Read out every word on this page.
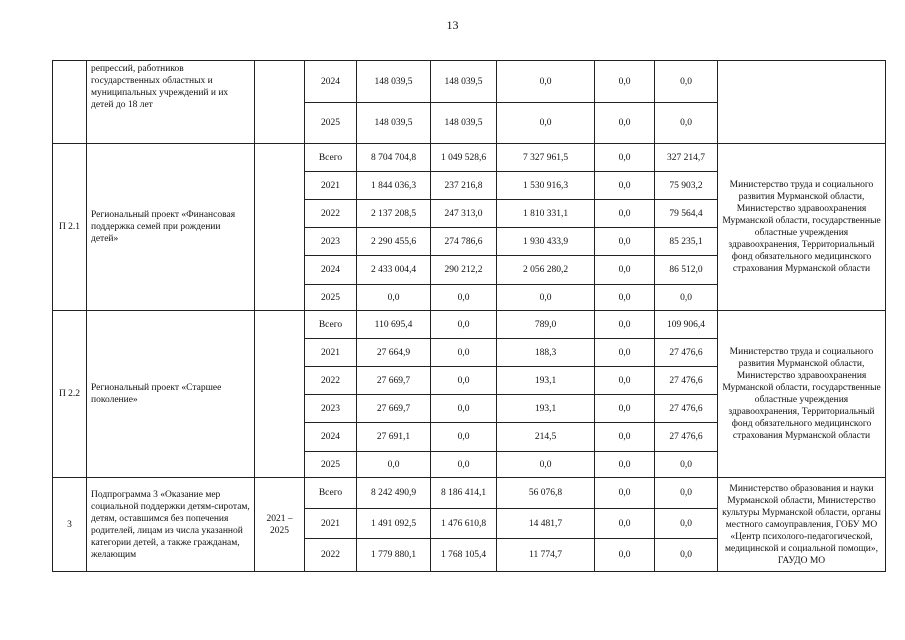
13
	репрессий, работников государственных областных и муниципальных учреждений и их детей до 18 лет		2024	148 039,5	148 039,5	0,0	0,0	0,0	
			2025	148 039,5	148 039,5	0,0	0,0	0,0	
П 2.1	Региональный проект «Финансовая поддержка семей при рождении детей»		Всего	8 704 704,8	1 049 528,6	7 327 961,5	0,0	327 214,7	Министерство труда и социального развития Мурманской области, Министерство здравоохранения Мурманской области, государственные областные учреждения здравоохранения, Территориальный фонд обязательного медицинского страхования Мурманской области
			2021	1 844 036,3	237 216,8	1 530 916,3	0,0	75 903,2	
			2022	2 137 208,5	247 313,0	1 810 331,1	0,0	79 564,4	
			2023	2 290 455,6	274 786,6	1 930 433,9	0,0	85 235,1	
			2024	2 433 004,4	290 212,2	2 056 280,2	0,0	86 512,0	
			2025	0,0	0,0	0,0	0,0	0,0	
П 2.2	Региональный проект «Старшее поколение»		Всего	110 695,4	0,0	789,0	0,0	109 906,4	Министерство труда и социального развития Мурманской области, Министерство здравоохранения Мурманской области, государственные областные учреждения здравоохранения, Территориальный фонд обязательного медицинского страхования Мурманской области
			2021	27 664,9	0,0	188,3	0,0	27 476,6	
			2022	27 669,7	0,0	193,1	0,0	27 476,6	
			2023	27 669,7	0,0	193,1	0,0	27 476,6	
			2024	27 691,1	0,0	214,5	0,0	27 476,6	
			2025	0,0	0,0	0,0	0,0	0,0	
3	Подпрограмма 3 «Оказание мер социальной поддержки детям-сиротам, детям, оставшимся без попечения родителей, лицам из числа указанной категории детей, а также гражданам, желающим	2021 – 2025	Всего	8 242 490,9	8 186 414,1	56 076,8	0,0	0,0	Министерство образования и науки Мурманской области, Министерство культуры Мурманской области, органы местного самоуправления, ГОБУ МО «Центр психолого-педагогической, медицинской и социальной помощи», ГАУДО МО
			2021	1 491 092,5	1 476 610,8	14 481,7	0,0	0,0	
			2022	1 779 880,1	1 768 105,4	11 774,7	0,0	0,0	
